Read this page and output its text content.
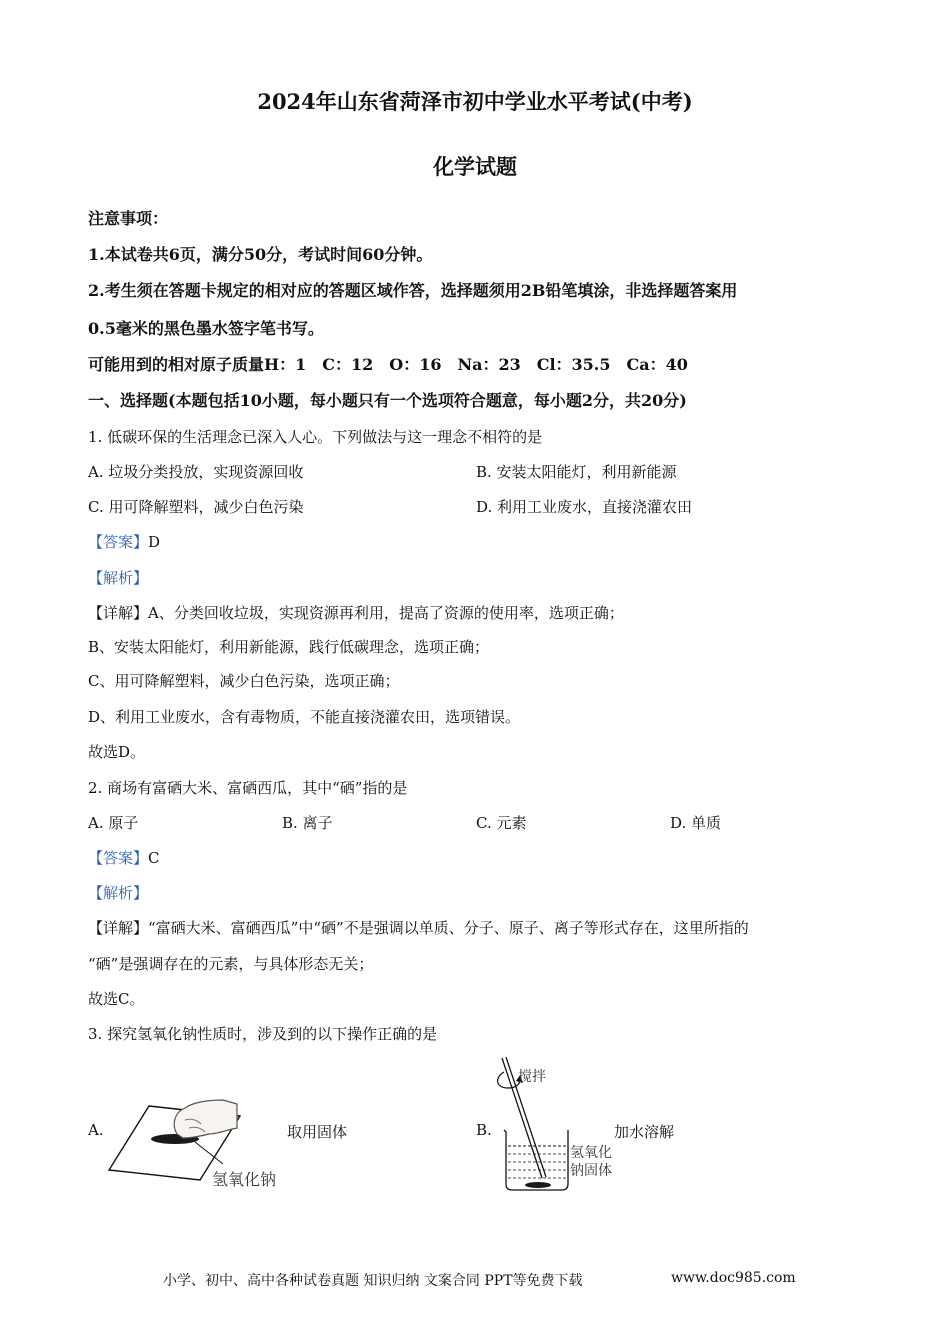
2024年山东省菏泽市初中学业水平考试(中考)
化学试题
注意事项：
1.本试卷共6页，满分50分，考试时间60分钟。
2.考生须在答题卡规定的相对应的答题区域作答，选择题须用2B铅笔填涂，非选择题答案用
0.5毫米的黑色墨水签字笔书写。
可能用到的相对原子质量H：1　C：12　O：16　Na：23　Cl：35.5　Ca：40
一、选择题(本题包括10小题，每小题只有一个选项符合题意，每小题2分，共20分)
1. 低碳环保的生活理念已深入人心。下列做法与这一理念不相符的是
A. 垃圾分类投放，实现资源回收	B. 安装太阳能灯，利用新能源
C. 用可降解塑料，减少白色污染	D. 利用工业废水，直接浇灌农田
【答案】D
【解析】
【详解】A、分类回收垃圾，实现资源再利用，提高了资源的使用率，选项正确；
B、安装太阳能灯，利用新能源，践行低碳理念，选项正确；
C、用可降解塑料，减少白色污染，选项正确；
D、利用工业废水，含有毒物质，不能直接浇灌农田，选项错误。
故选D。
2. 商场有富硒大米、富硒西瓜，其中“硒”指的是
A. 原子	B. 离子	C. 元素	D. 单质
【答案】C
【解析】
【详解】“富硒大米、富硒西瓜”中“硒”不是强调以单质、分子、原子、离子等形式存在，这里所指的
“硒”是强调存在的元素，与具体形态无关；
故选C。
3. 探究氢氧化钠性质时，涉及到的以下操作正确的是
A.
氢氧化钠
取用固体	B.
搅拌
氢氧化
钠固体
加水溶解
小学、初中、高中各种试卷真题 知识归纳 文案合同 PPT等免费下载	www.doc985.com
